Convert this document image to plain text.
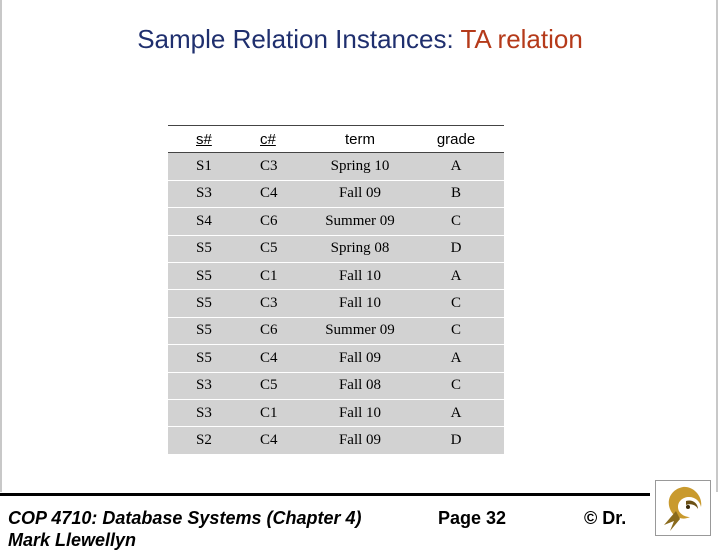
Sample Relation Instances: TA relation
s#	c#	term	grade
S1	C3	Spring 10	A
S3	C4	Fall 09	B
S4	C6	Summer 09	C
S5	C5	Spring 08	D
S5	C1	Fall 10	A
S5	C3	Fall 10	C
S5	C6	Summer 09	C
S5	C4	Fall 09	A
S3	C5	Fall 08	C
S3	C1	Fall 10	A
S2	C4	Fall 09	D
COP 4710: Database Systems (Chapter 4)	Page 32	© Dr.
Mark Llewellyn
